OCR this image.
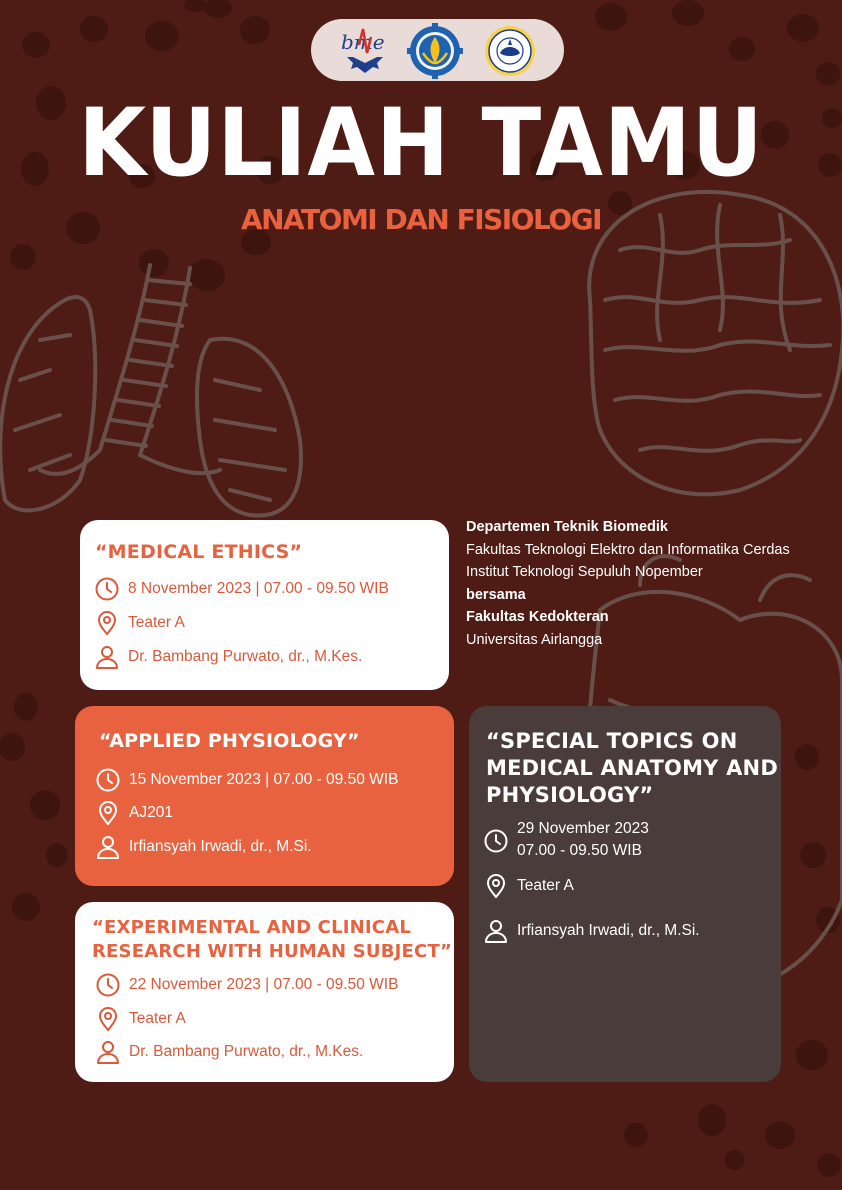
bme
KULIAH TAMU
ANATOMI DAN FISIOLOGI
“MEDICAL ETHICS”
8 November 2023 | 07.00 - 09.50 WIB
Teater A
Dr. Bambang Purwato, dr., M.Kes.
Departemen Teknik Biomedik
Fakultas Teknologi Elektro dan Informatika Cerdas
Institut Teknologi Sepuluh Nopember
bersama
Fakultas Kedokteran
Universitas Airlangga
“APPLIED PHYSIOLOGY”
15 November 2023 | 07.00 - 09.50 WIB
AJ201
Irfiansyah Irwadi, dr., M.Si.
“SPECIAL TOPICS ON
MEDICAL ANATOMY AND
PHYSIOLOGY”
29 November 2023
07.00 - 09.50 WIB
Teater A
Irfiansyah Irwadi, dr., M.Si.
“EXPERIMENTAL AND CLINICAL
RESEARCH WITH HUMAN SUBJECT”
22 November 2023 | 07.00 - 09.50 WIB
Teater A
Dr. Bambang Purwato, dr., M.Kes.
